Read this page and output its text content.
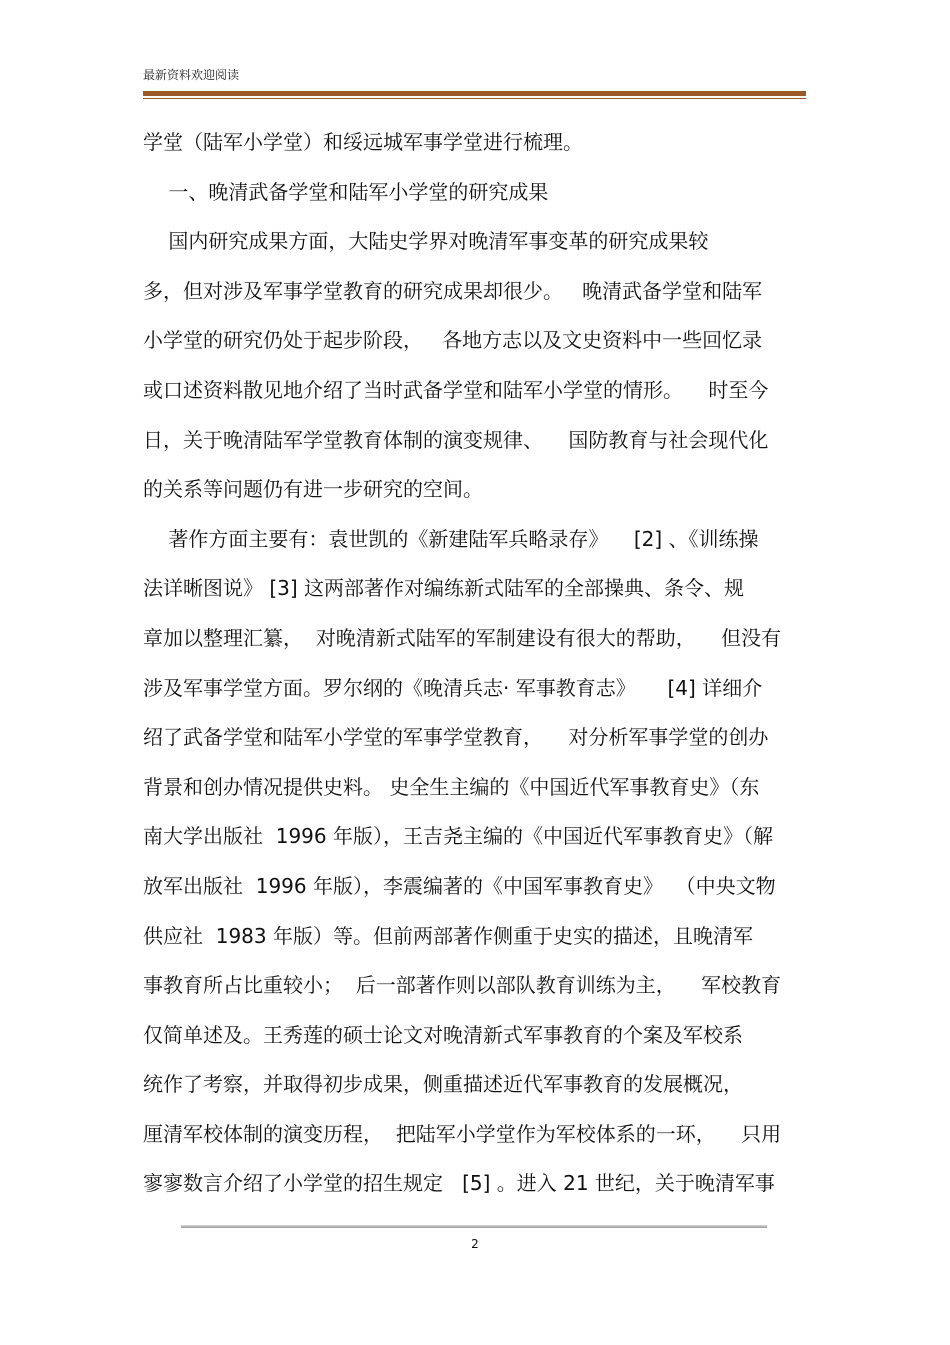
最新资料欢迎阅读
学堂（陆军小学堂）和绥远城军事学堂进行梳理。
一、晚清武备学堂和陆军小学堂的研究成果
国内研究成果方面，大陆史学界对晚清军事变革的研究成果较
多，但对涉及军事学堂教育的研究成果却很少。   晚清武备学堂和陆军
小学堂的研究仍处于起步阶段，   各地方志以及文史资料中一些回忆录
或口述资料散见地介绍了当时武备学堂和陆军小学堂的情形。    时至今
日，关于晚清陆军学堂教育体制的演变规律、    国防教育与社会现代化
的关系等问题仍有进一步研究的空间。
著作方面主要有：袁世凯的《新建陆军兵略录存》    [2] 、《训练操
法详晰图说》 [3] 这两部著作对编练新式陆军的全部操典、条令、规
章加以整理汇纂，  对晚清新式陆军的军制建设有很大的帮助，    但没有
涉及军事学堂方面。罗尔纲的《晚清兵志· 军事教育志》     [4] 详细介
绍了武备学堂和陆军小学堂的军事学堂教育，    对分析军事学堂的创办
背景和创办情况提供史料。 史全生主编的《中国近代军事教育史》（东
南大学出版社  1996 年版），王吉尧主编的《中国近代军事教育史》（解
放军出版社  1996 年版），李震编著的《中国军事教育史》  （中央文物
供应社  1983 年版）等。但前两部著作侧重于史实的描述，且晚清军
事教育所占比重较小；  后一部著作则以部队教育训练为主，    军校教育
仅简单述及。王秀莲的硕士论文对晚清新式军事教育的个案及军校系
统作了考察，并取得初步成果，侧重描述近代军事教育的发展概况，
厘清军校体制的演变历程，  把陆军小学堂作为军校体系的一环，    只用
寥寥数言介绍了小学堂的招生规定   [5] 。进入 21 世纪，关于晚清军事
2
